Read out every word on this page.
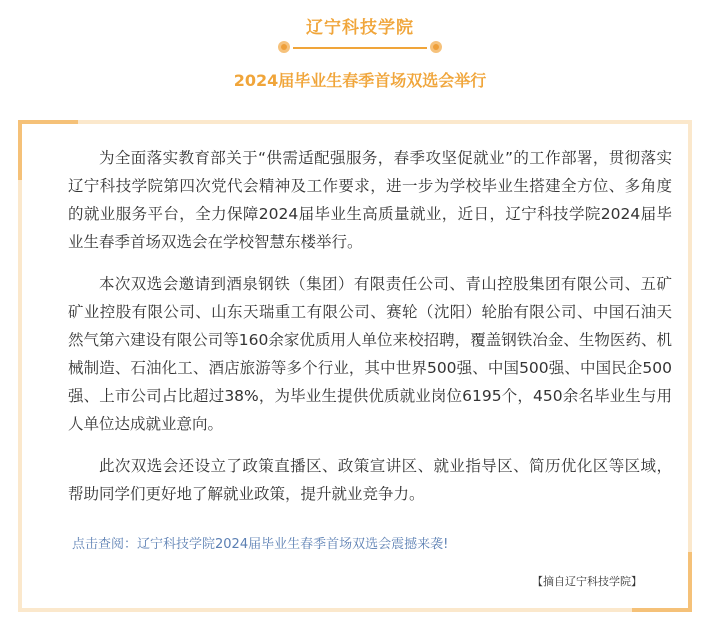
辽宁科技学院
2024届毕业生春季首场双选会举行

为全面落实教育部关于“供需适配强服务，春季攻坚促就业”的工作部署，贯彻落实辽宁科技学院第四次党代会精神及工作要求，进一步为学校毕业生搭建全方位、多角度的就业服务平台，全力保障2024届毕业生高质量就业，近日，辽宁科技学院2024届毕业生春季首场双选会在学校智慧东楼举行。

本次双选会邀请到酒泉钢铁（集团）有限责任公司、青山控股集团有限公司、五矿矿业控股有限公司、山东天瑞重工有限公司、赛轮（沈阳）轮胎有限公司、中国石油天然气第六建设有限公司等160余家优质用人单位来校招聘，覆盖钢铁冶金、生物医药、机械制造、石油化工、酒店旅游等多个行业，其中世界500强、中国500强、中国民企500强、上市公司占比超过38%，为毕业生提供优质就业岗位6195个，450余名毕业生与用人单位达成就业意向。

此次双选会还设立了政策直播区、政策宣讲区、就业指导区、简历优化区等区域，帮助同学们更好地了解就业政策，提升就业竞争力。

点击查阅：辽宁科技学院2024届毕业生春季首场双选会震撼来袭!
【摘自辽宁科技学院】
